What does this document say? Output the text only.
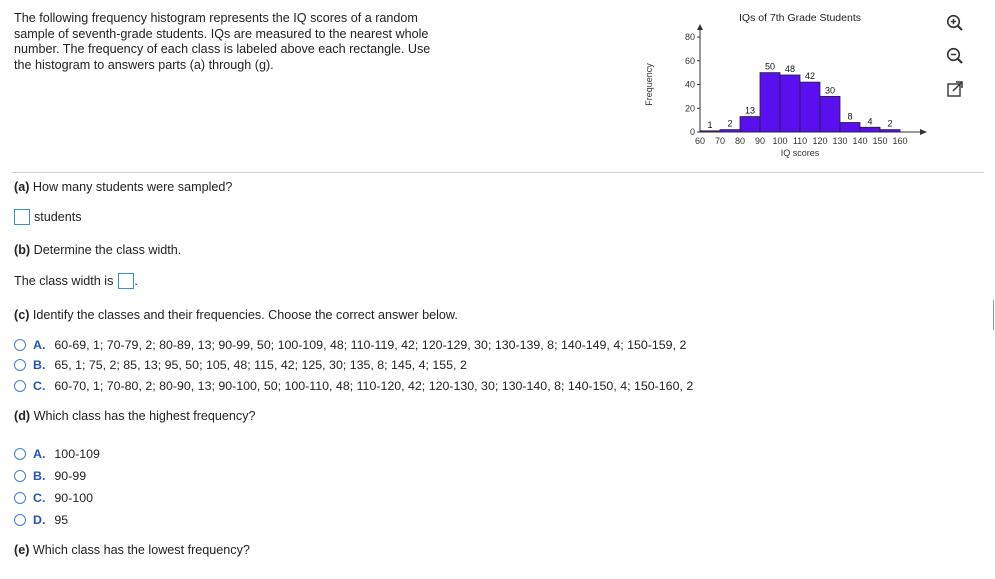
The following frequency histogram represents the IQ scores of a random
sample of seventh-grade students. IQs are measured to the nearest whole
number. The frequency of each class is labeled above each rectangle. Use
the histogram to answers parts (a) through (g).
IQs of 7th Grade Students
0
20
40
60
80
Frequency
1 2
13
50 48
42
30
8 4 2
60 70 80 90 100 110 120 130 140 150 160
IQ scores
(a) How many students were sampled?
students
(b) Determine the class width.
The class width is .
(c) Identify the classes and their frequencies. Choose the correct answer below.
A. 60-69, 1; 70-79, 2; 80-89, 13; 90-99, 50; 100-109, 48; 110-119, 42; 120-129, 30; 130-139, 8; 140-149, 4; 150-159, 2
B. 65, 1; 75, 2; 85, 13; 95, 50; 105, 48; 115, 42; 125, 30; 135, 8; 145, 4; 155, 2
C. 60-70, 1; 70-80, 2; 80-90, 13; 90-100, 50; 100-110, 48; 110-120, 42; 120-130, 30; 130-140, 8; 140-150, 4; 150-160, 2
(d) Which class has the highest frequency?
A. 100-109
B. 90-99
C. 90-100
D. 95
(e) Which class has the lowest frequency?
